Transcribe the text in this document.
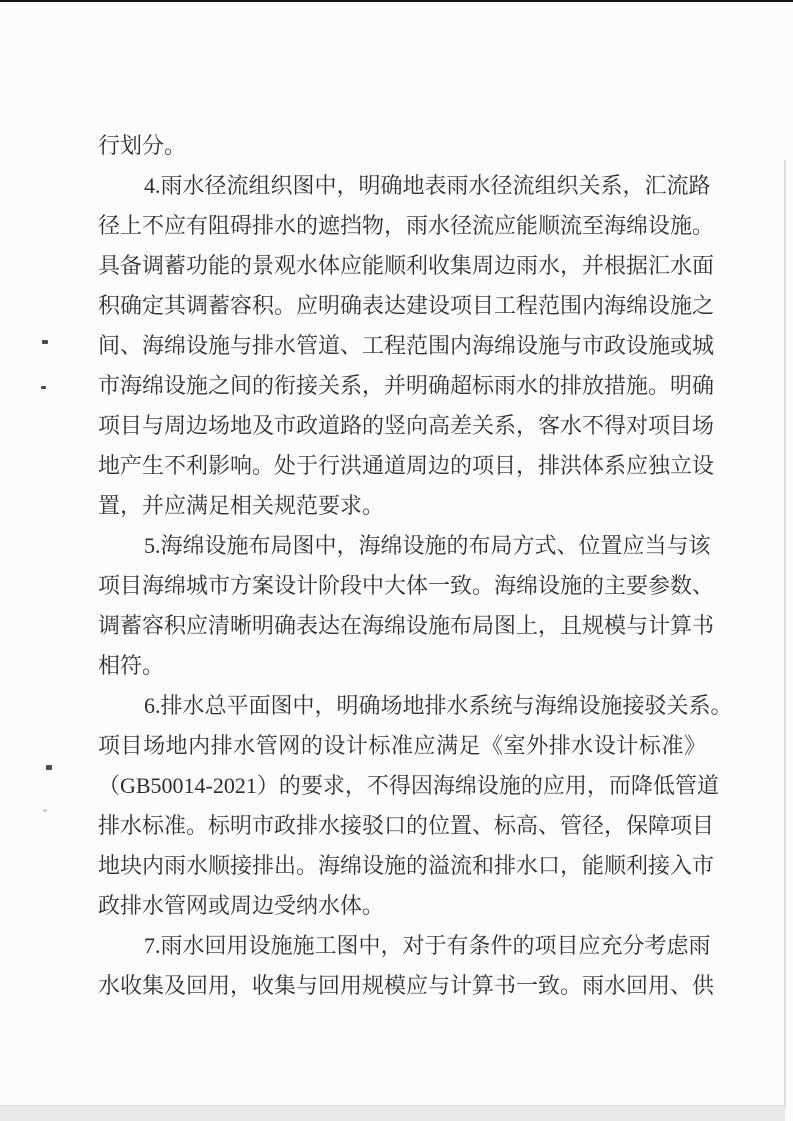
行划分。
4.雨水径流组织图中，明确地表雨水径流组织关系，汇流路
径上不应有阻碍排水的遮挡物，雨水径流应能顺流至海绵设施。
具备调蓄功能的景观水体应能顺利收集周边雨水，并根据汇水面
积确定其调蓄容积。应明确表达建设项目工程范围内海绵设施之
间、海绵设施与排水管道、工程范围内海绵设施与市政设施或城
市海绵设施之间的衔接关系，并明确超标雨水的排放措施。明确
项目与周边场地及市政道路的竖向高差关系，客水不得对项目场
地产生不利影响。处于行洪通道周边的项目，排洪体系应独立设
置，并应满足相关规范要求。
5.海绵设施布局图中，海绵设施的布局方式、位置应当与该
项目海绵城市方案设计阶段中大体一致。海绵设施的主要参数、
调蓄容积应清晰明确表达在海绵设施布局图上，且规模与计算书
相符。
6.排水总平面图中，明确场地排水系统与海绵设施接驳关系。
项目场地内排水管网的设计标准应满足《室外排水设计标准》
（GB50014-2021）的要求，不得因海绵设施的应用，而降低管道
排水标准。标明市政排水接驳口的位置、标高、管径，保障项目
地块内雨水顺接排出。海绵设施的溢流和排水口，能顺利接入市
政排水管网或周边受纳水体。
7.雨水回用设施施工图中，对于有条件的项目应充分考虑雨
水收集及回用，收集与回用规模应与计算书一致。雨水回用、供
